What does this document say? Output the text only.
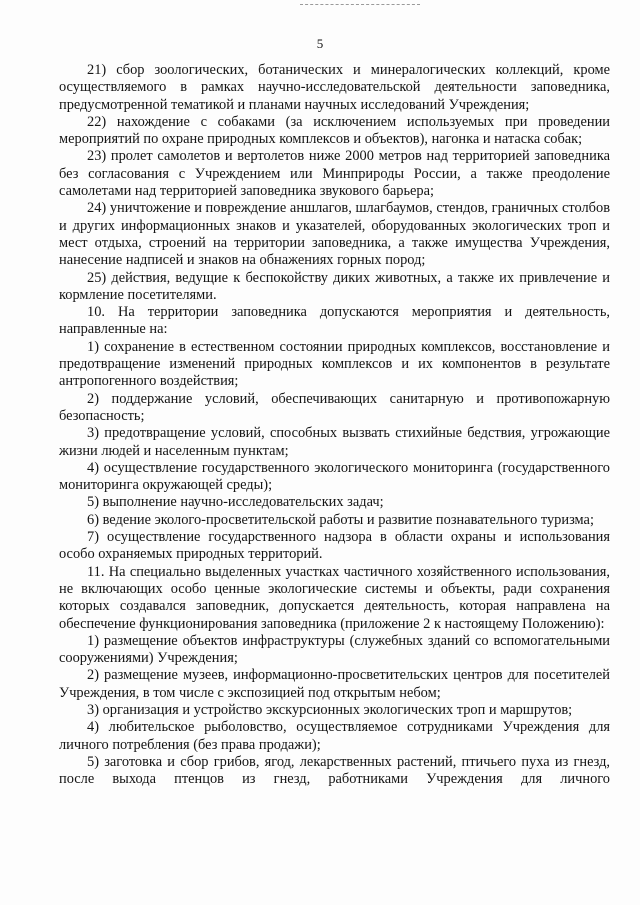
5

21) сбор зоологических, ботанических и минералогических коллекций, кроме осуществляемого в рамках научно-исследовательской деятельности заповедника, предусмотренной тематикой и планами научных исследований Учреждения;

22) нахождение с собаками (за исключением используемых при проведении мероприятий по охране природных комплексов и объектов), нагонка и натаска собак;

23) пролет самолетов и вертолетов ниже 2000 метров над территорией заповедника без согласования с Учреждением или Минприроды России, а также преодоление самолетами над территорией заповедника звукового барьера;

24) уничтожение и повреждение аншлагов, шлагбаумов, стендов, граничных столбов и других информационных знаков и указателей, оборудованных экологических троп и мест отдыха, строений на территории заповедника, а также имущества Учреждения, нанесение надписей и знаков на обнажениях горных пород;

25) действия, ведущие к беспокойству диких животных, а также их привлечение и кормление посетителями.

10. На территории заповедника допускаются мероприятия и деятельность, направленные на:

1) сохранение в естественном состоянии природных комплексов, восстановление и предотвращение изменений природных комплексов и их компонентов в результате антропогенного воздействия;

2) поддержание условий, обеспечивающих санитарную и противопожарную безопасность;

3) предотвращение условий, способных вызвать стихийные бедствия, угрожающие жизни людей и населенным пунктам;

4) осуществление государственного экологического мониторинга (государственного мониторинга окружающей среды);

5) выполнение научно-исследовательских задач;

6) ведение эколого-просветительской работы и развитие познавательного туризма;

7) осуществление государственного надзора в области охраны и использования особо охраняемых природных территорий.

11. На специально выделенных участках частичного хозяйственного использования, не включающих особо ценные экологические системы и объекты, ради сохранения которых создавался заповедник, допускается деятельность, которая направлена на обеспечение функционирования заповедника (приложение 2 к настоящему Положению):

1) размещение объектов инфраструктуры (служебных зданий со вспомогательными сооружениями) Учреждения;

2) размещение музеев, информационно-просветительских центров для посетителей Учреждения, в том числе с экспозицией под открытым небом;

3) организация и устройство экскурсионных экологических троп и маршрутов;

4) любительское рыболовство, осуществляемое сотрудниками Учреждения для личного потребления (без права продажи);

5) заготовка и сбор грибов, ягод, лекарственных растений, птичьего пуха из гнезд, после выхода птенцов из гнезд, работниками Учреждения для личного
